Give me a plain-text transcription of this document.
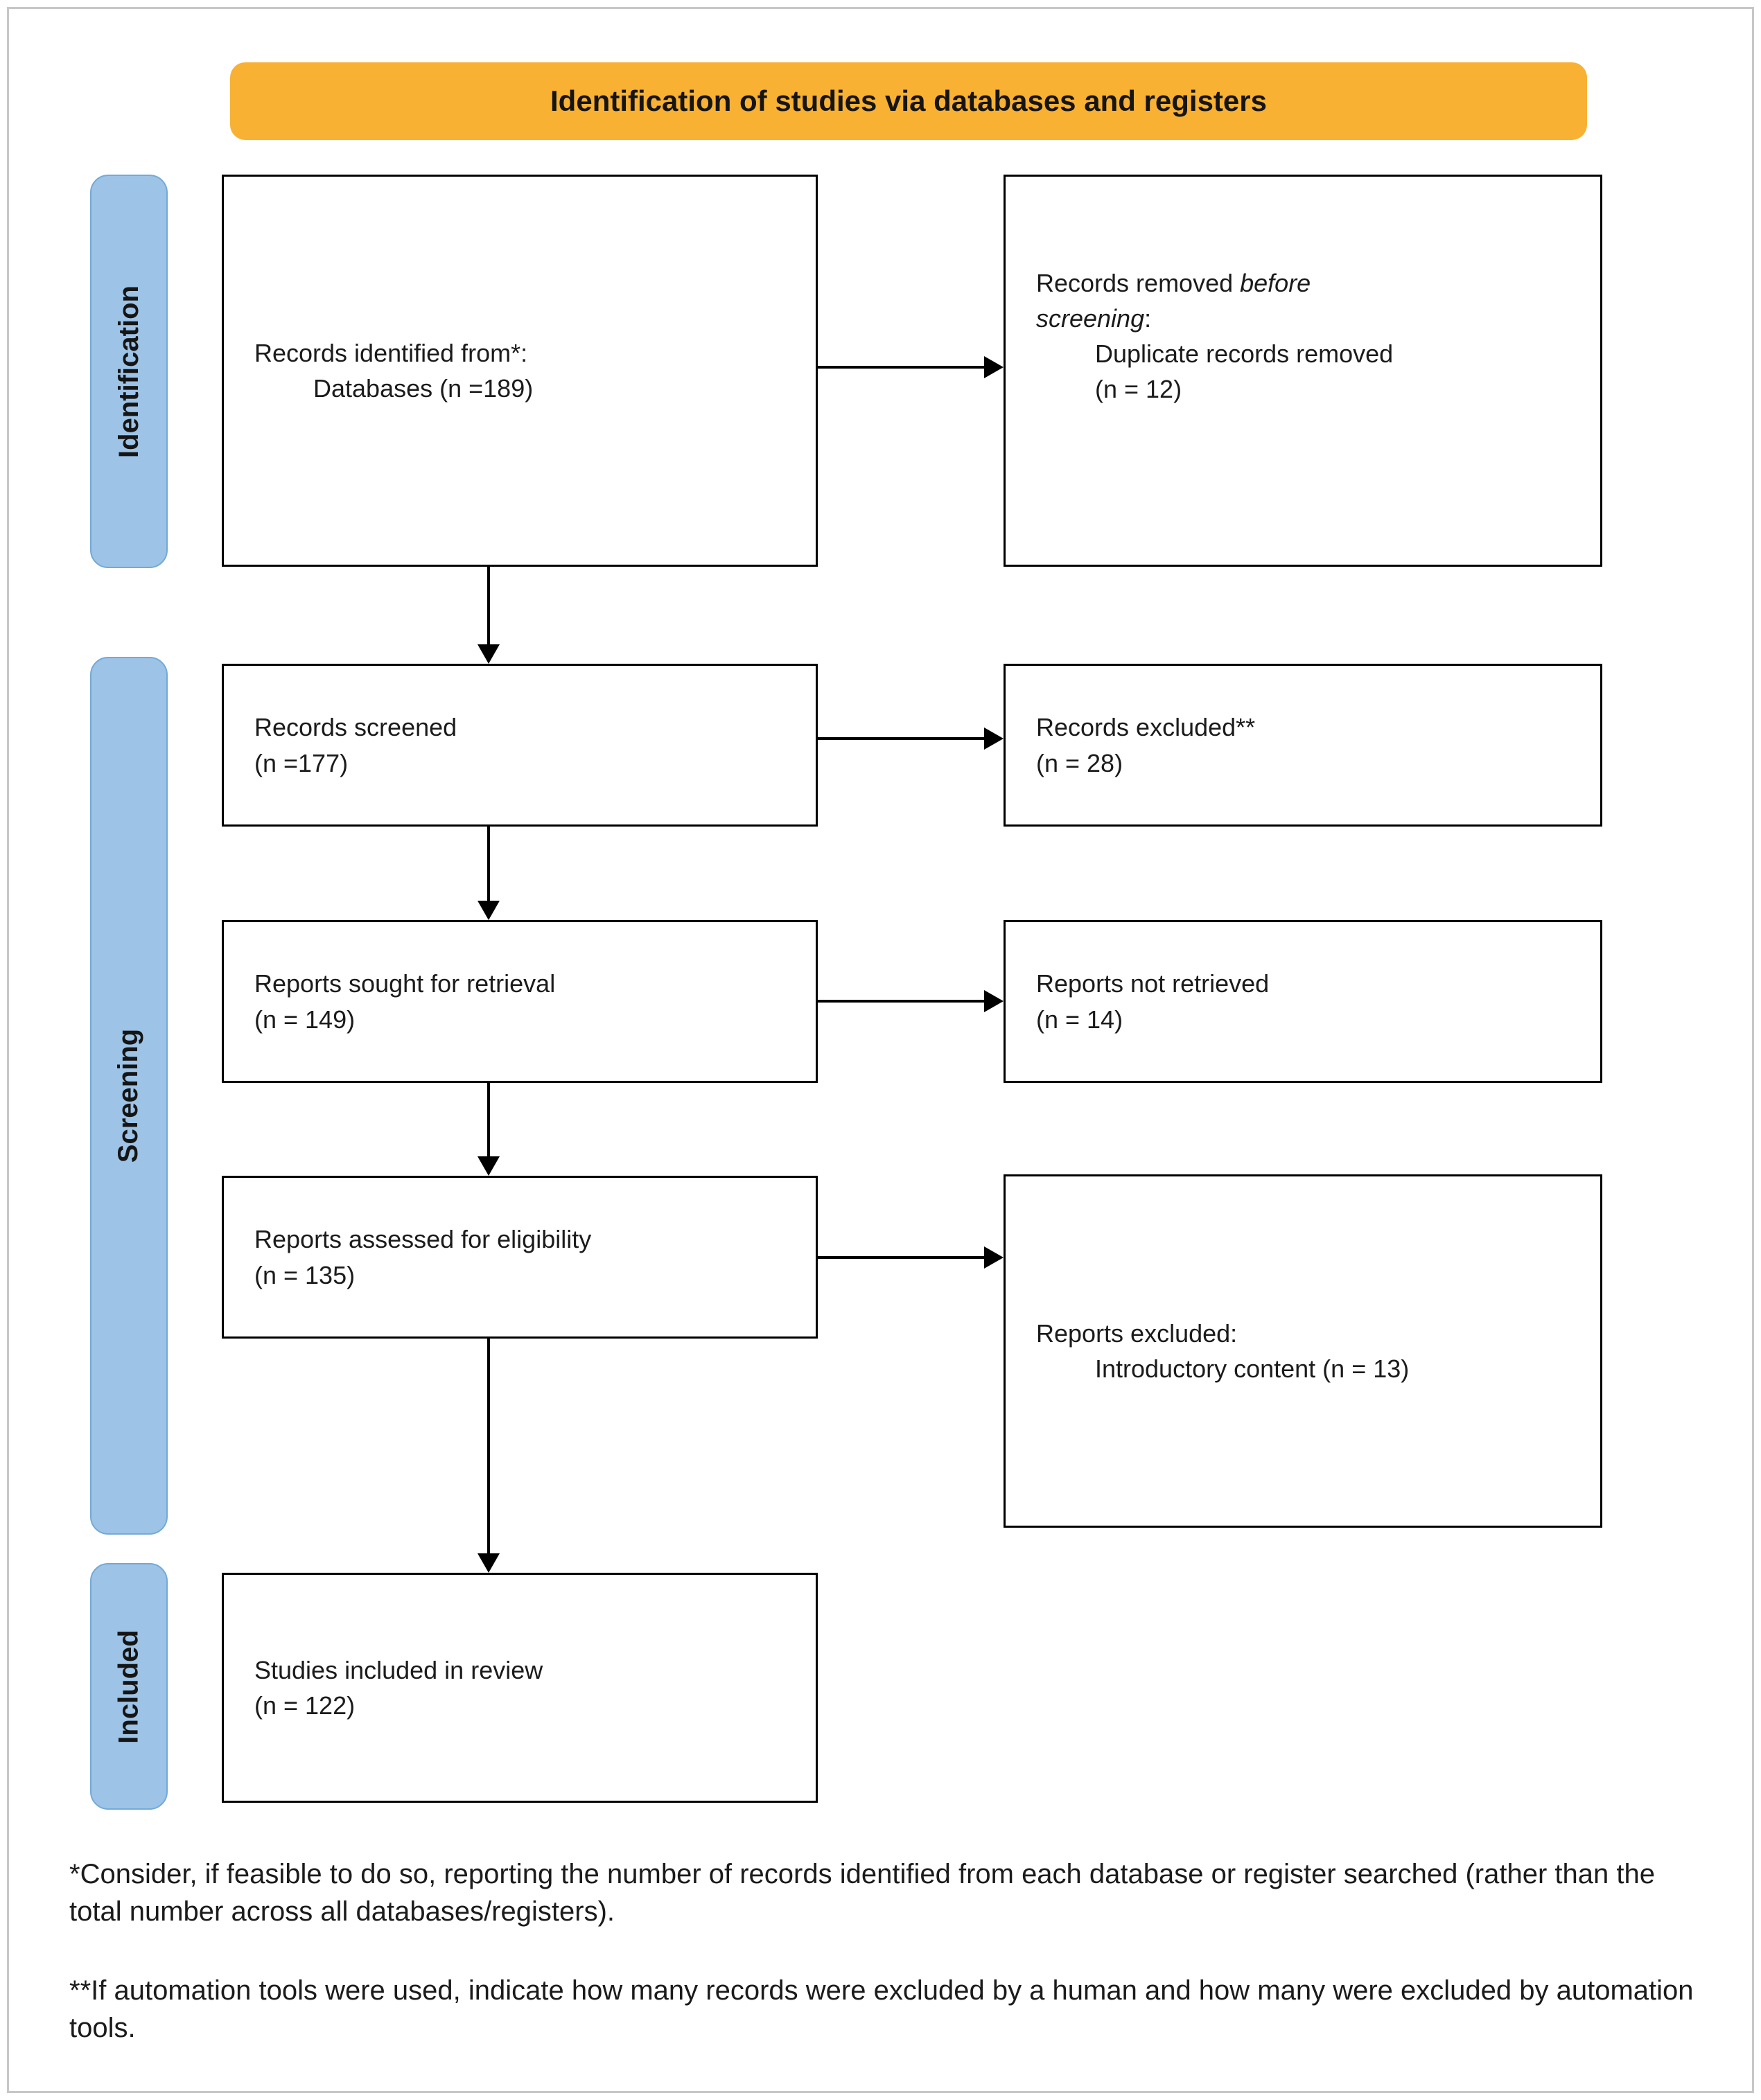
Identification of studies via databases and registers
Identification
Screening
Included
Records identified from*:
Databases (n =189)
Records removed before
screening:
Duplicate records removed
(n = 12)
Records screened
(n =177)
Records excluded**
(n = 28)
Reports sought for retrieval
(n = 149)
Reports not retrieved
(n = 14)
Reports assessed for eligibility
(n = 135)
Reports excluded:
Introductory content (n = 13)
Studies included in review
(n = 122)

*Consider, if feasible to do so, reporting the number of records identified from each database or register searched (rather than the total number across all databases/registers).

**If automation tools were used, indicate how many records were excluded by a human and how many were excluded by automation tools.
